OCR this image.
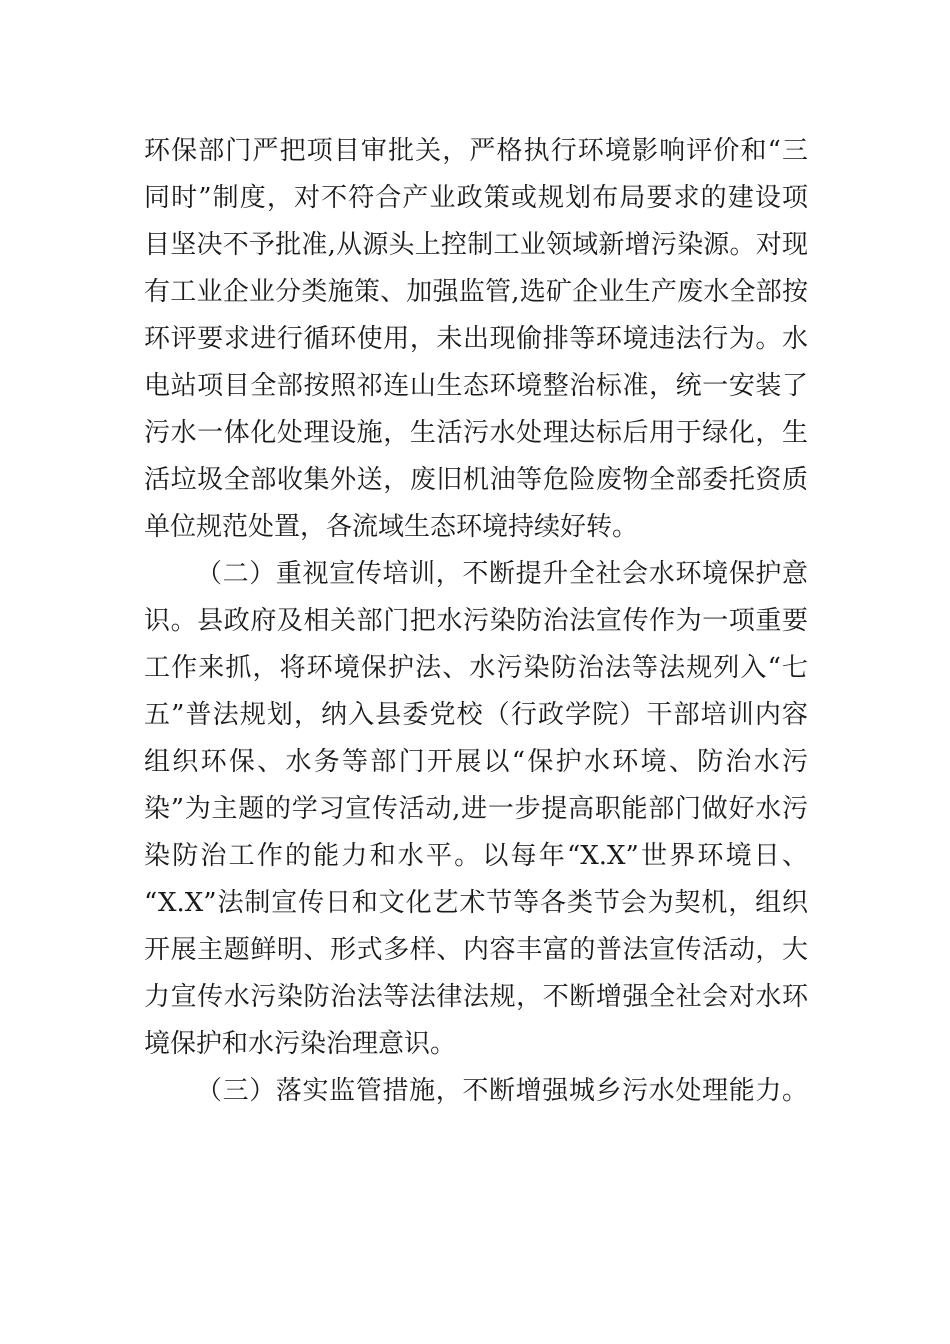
环保部门严把项目审批关，严格执行环境影响评价和“三
同时”制度，对不符合产业政策或规划布局要求的建设项
目坚决不予批准,从源头上控制工业领域新增污染源。对现
有工业企业分类施策、加强监管,选矿企业生产废水全部按
环评要求进行循环使用，未出现偷排等环境违法行为。水
电站项目全部按照祁连山生态环境整治标准，统一安装了
污水一体化处理设施，生活污水处理达标后用于绿化，生
活垃圾全部收集外送，废旧机油等危险废物全部委托资质
单位规范处置，各流域生态环境持续好转。
（二）重视宣传培训，不断提升全社会水环境保护意
识。县政府及相关部门把水污染防治法宣传作为一项重要
工作来抓，将环境保护法、水污染防治法等法规列入“七
五”普法规划，纳入县委党校（行政学院）干部培训内容
组织环保、水务等部门开展以“保护水环境、防治水污
染”为主题的学习宣传活动,进一步提高职能部门做好水污
染防治工作的能力和水平。以每年“X.X”世界环境日、
“X.X”法制宣传日和文化艺术节等各类节会为契机，组织
开展主题鲜明、形式多样、内容丰富的普法宣传活动，大
力宣传水污染防治法等法律法规，不断增强全社会对水环
境保护和水污染治理意识。
（三）落实监管措施，不断增强城乡污水处理能力。
